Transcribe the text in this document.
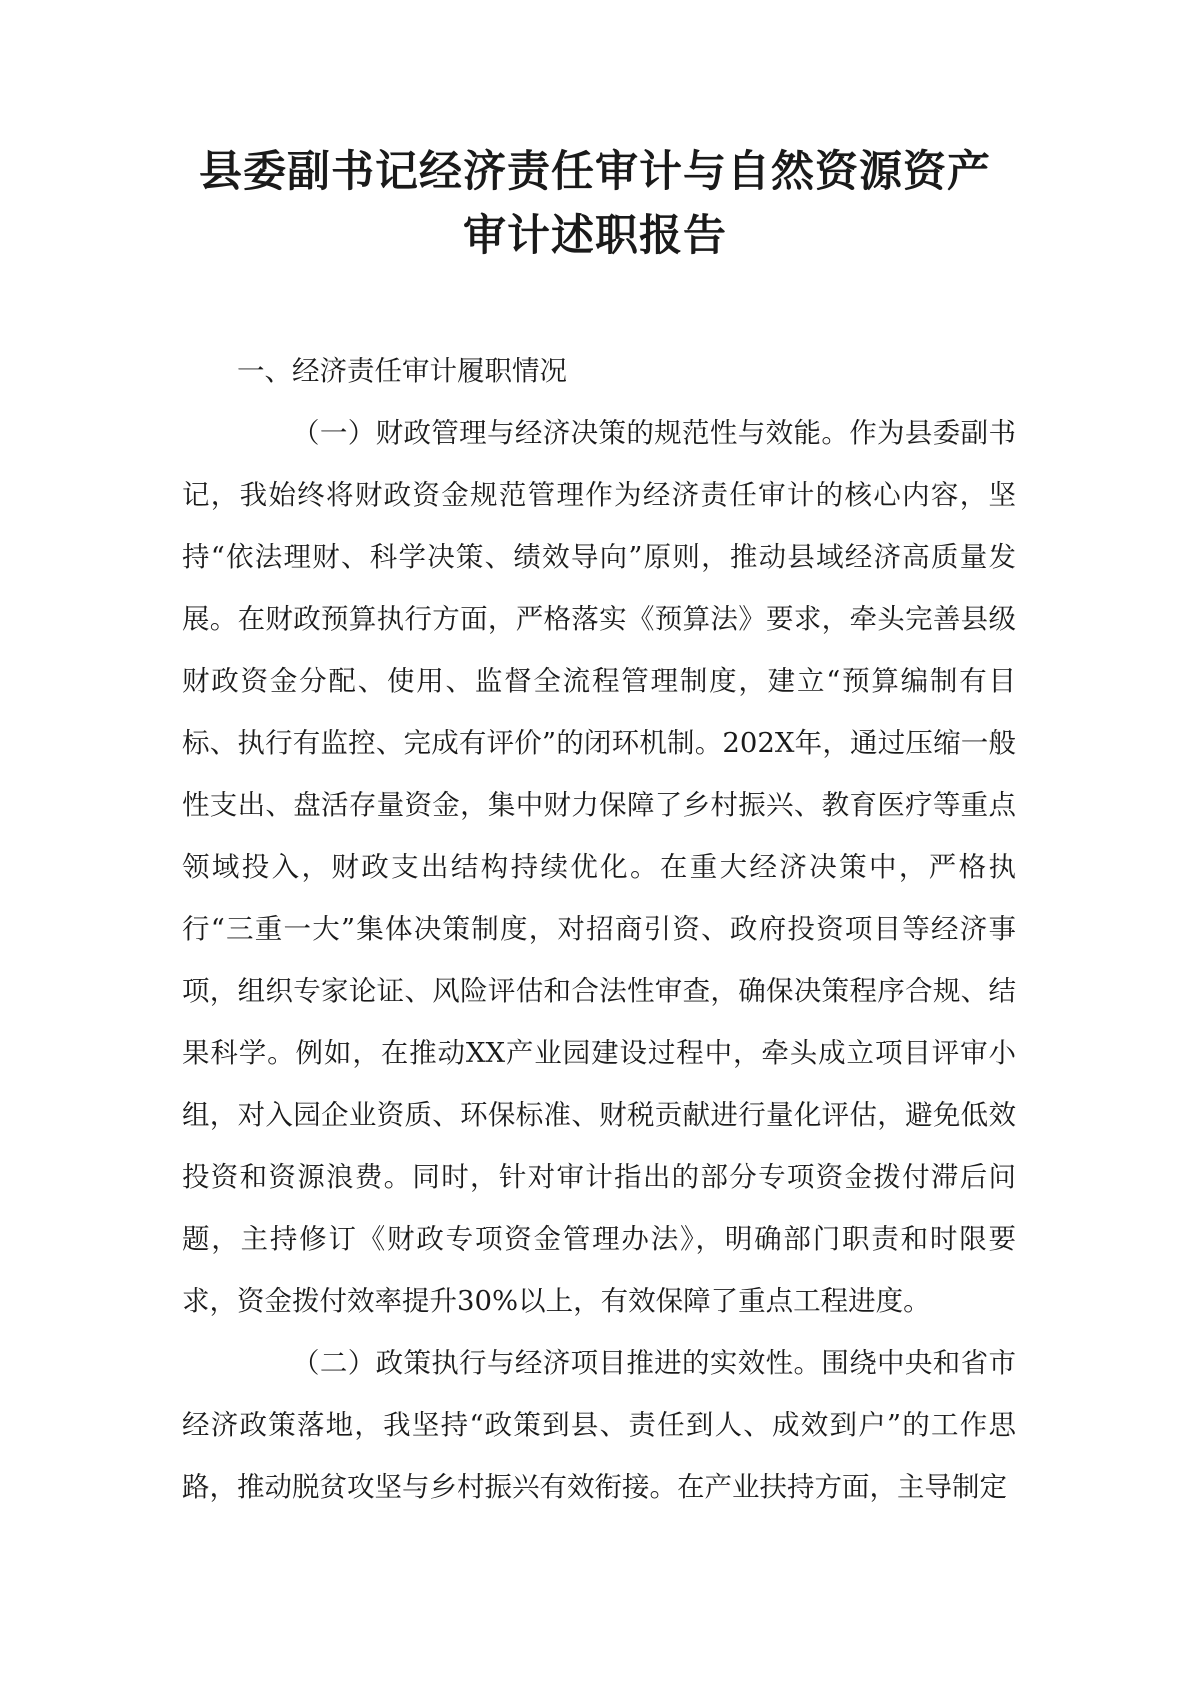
县委副书记经济责任审计与自然资源资产
审计述职报告

一、经济责任审计履职情况

（一）财政管理与经济决策的规范性与效能。作为县委副书记，我始终将财政资金规范管理作为经济责任审计的核心内容，坚持“依法理财、科学决策、绩效导向”原则，推动县域经济高质量发展。在财政预算执行方面，严格落实《预算法》要求，牵头完善县级财政资金分配、使用、监督全流程管理制度，建立“预算编制有目标、执行有监控、完成有评价”的闭环机制。202X年，通过压缩一般性支出、盘活存量资金，集中财力保障了乡村振兴、教育医疗等重点领域投入，财政支出结构持续优化。在重大经济决策中，严格执行“三重一大”集体决策制度，对招商引资、政府投资项目等经济事项，组织专家论证、风险评估和合法性审查，确保决策程序合规、结果科学。例如，在推动XX产业园建设过程中，牵头成立项目评审小组，对入园企业资质、环保标准、财税贡献进行量化评估，避免低效投资和资源浪费。同时，针对审计指出的部分专项资金拨付滞后问题，主持修订《财政专项资金管理办法》，明确部门职责和时限要求，资金拨付效率提升30%以上，有效保障了重点工程进度。

（二）政策执行与经济项目推进的实效性。围绕中央和省市经济政策落地，我坚持“政策到县、责任到人、成效到户”的工作思路，推动脱贫攻坚与乡村振兴有效衔接。在产业扶持方面，主导制定
